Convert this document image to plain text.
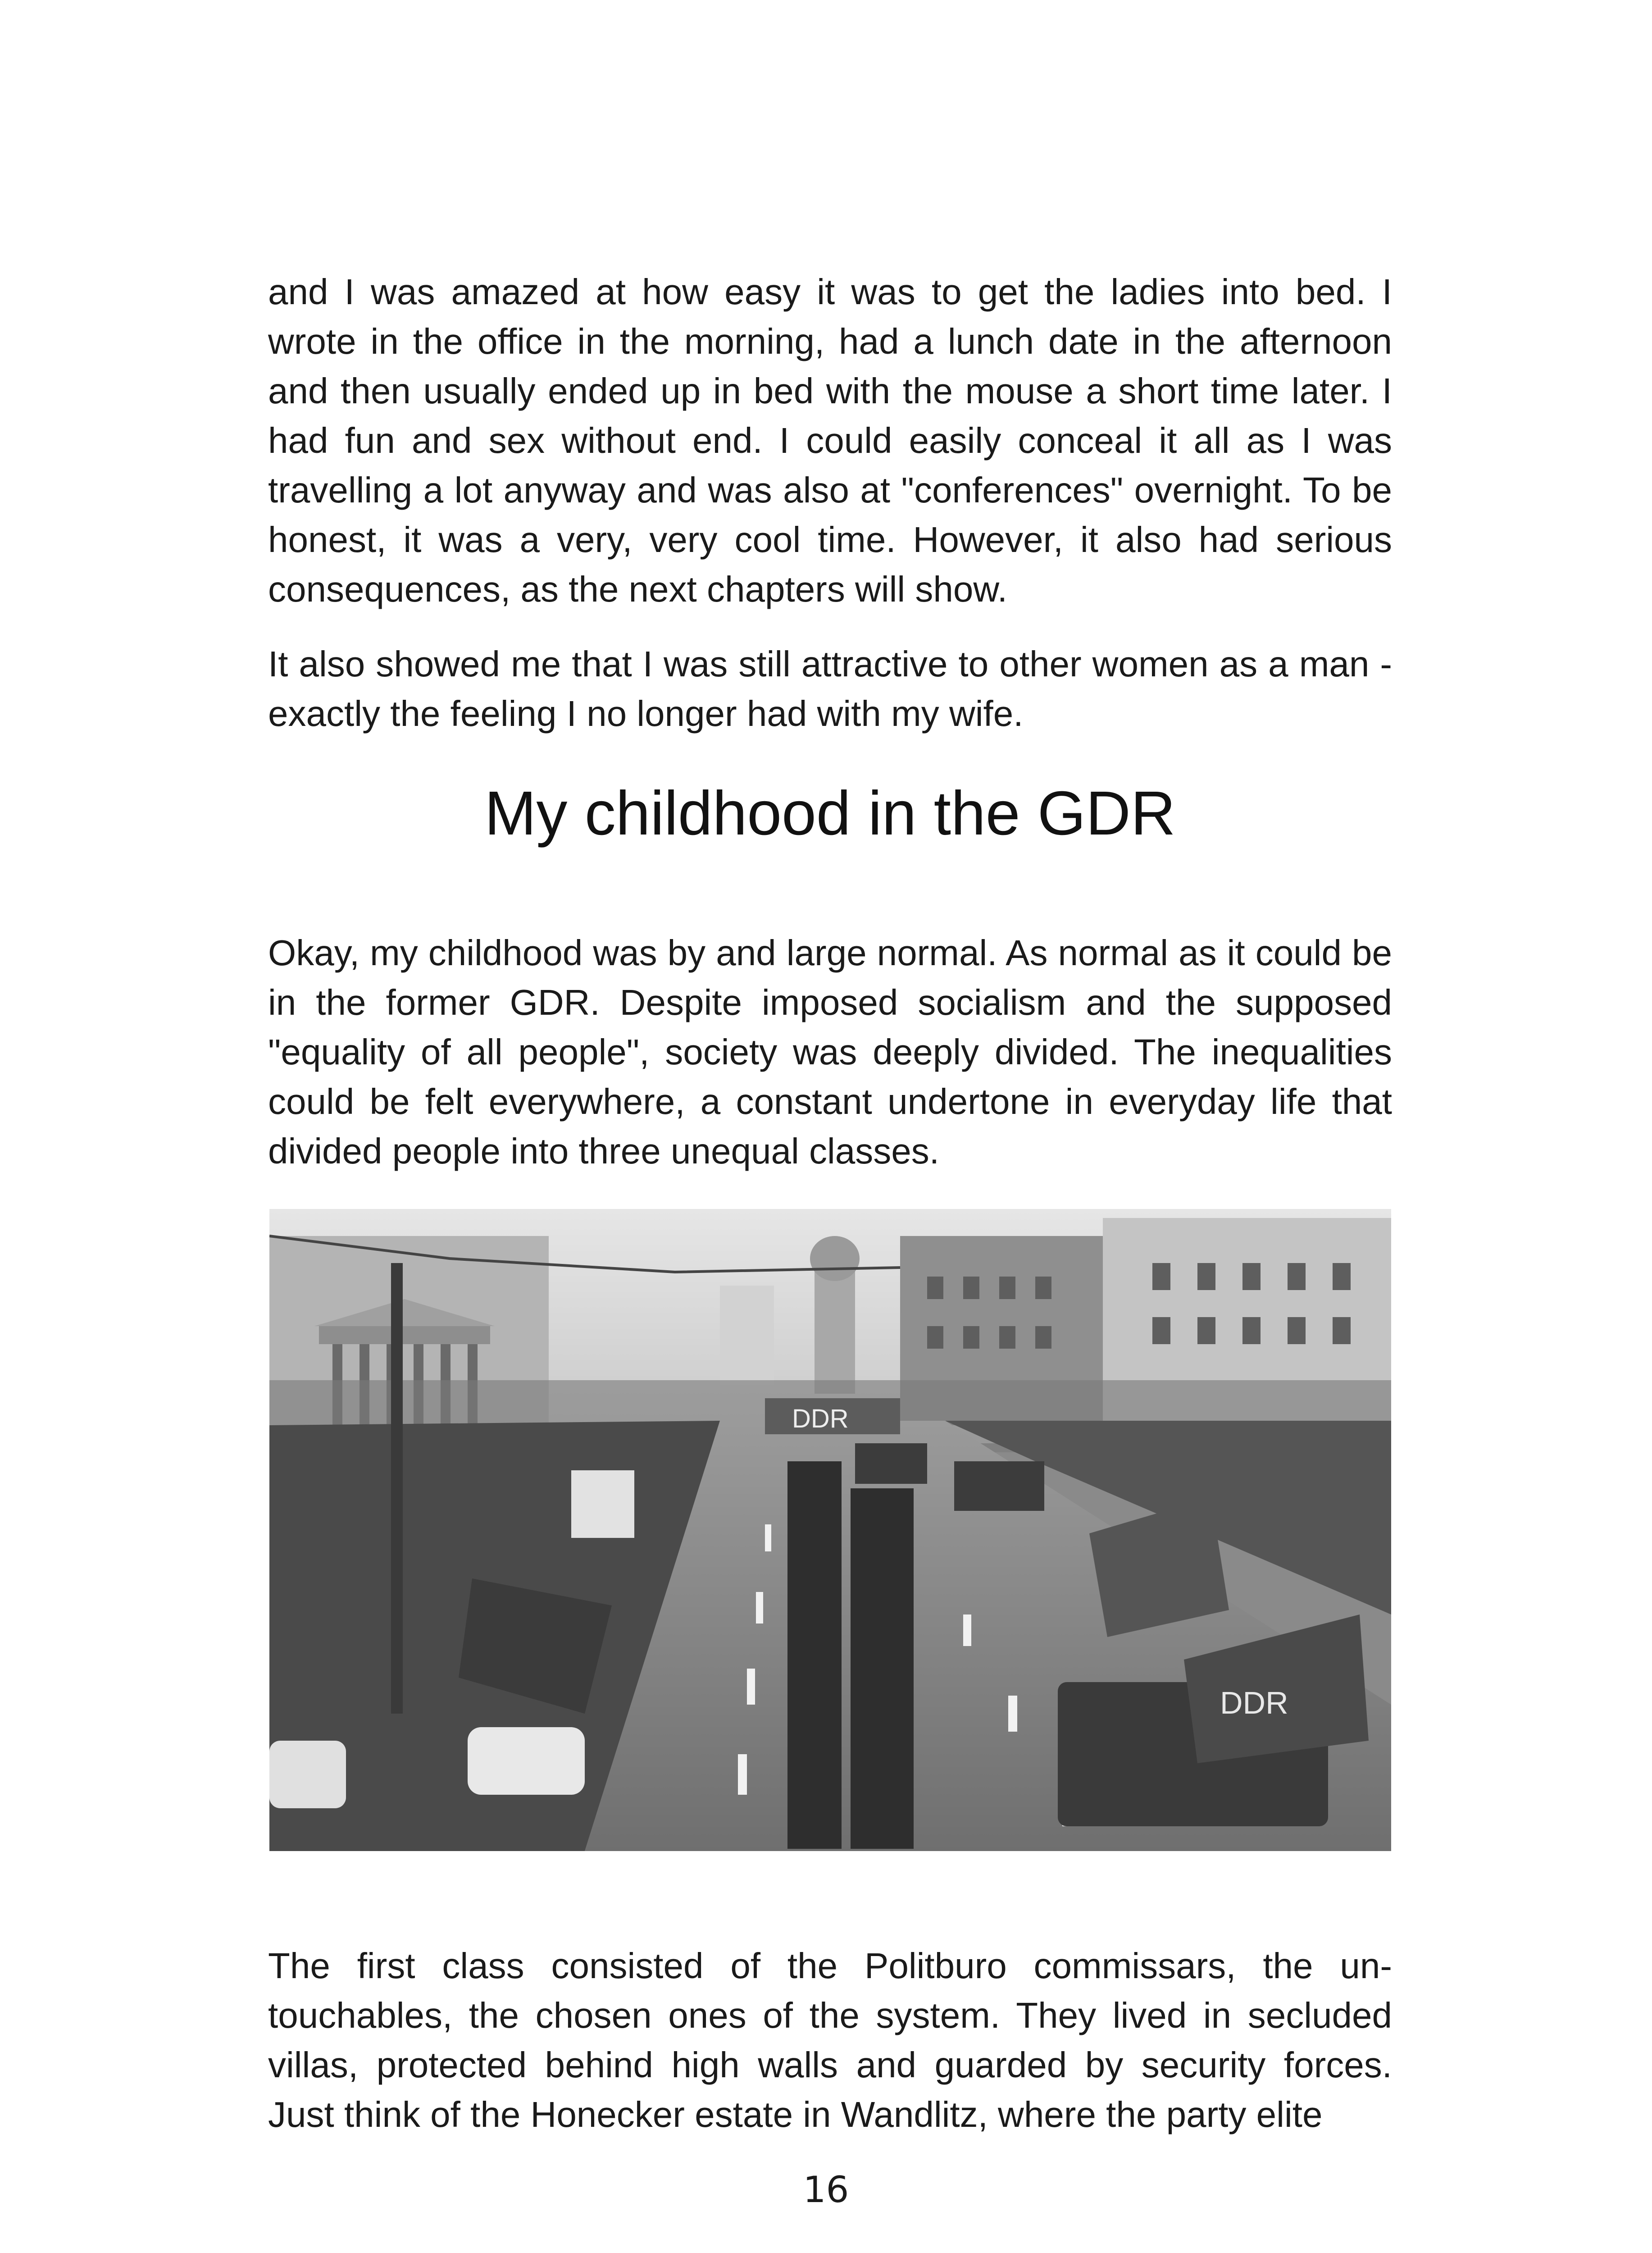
and I was amazed at how easy it was to get the ladies into bed. I wrote in the office in the morning, had a lunch date in the afternoon and then usually ended up in bed with the mouse a short time later. I had fun and sex without end. I could easily conceal it all as I was travelling a lot anyway and was also at "conferences" overnight. To be honest, it was a very, very cool time. However, it also had serious consequences, as the next chapters will show.

It also showed me that I was still attractive to other women as a man - exactly the feeling I no longer had with my wife.

My childhood in the GDR

Okay, my childhood was by and large normal. As normal as it could be in the former GDR. Despite imposed socialism and the supposed "equality of all people", society was deeply divided. The inequalities could be felt everywhere, a constant undertone in everyday life that divided people into three unequal classes.

DDR
DDR

The first class consisted of the Politburo commissars, the un-touchables, the chosen ones of the system. They lived in secluded villas, protected behind high walls and guarded by security forces. Just think of the Honecker estate in Wandlitz, where the party elite

16
